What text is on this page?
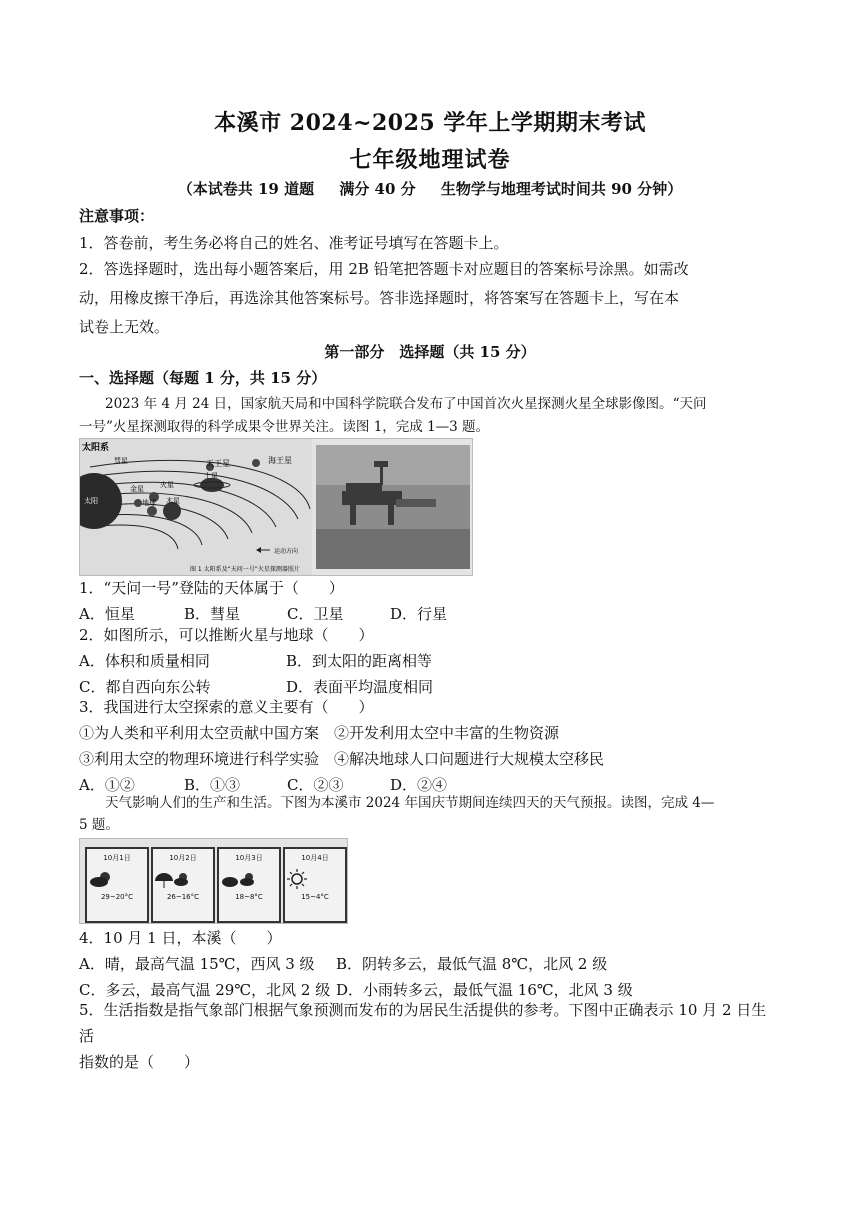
本溪市 2024~2025 学年上学期期末考试
七年级地理试卷
（本试卷共 19 道题 满分 40 分 生物学与地理考试时间共 90 分钟）
注意事项：
1．答卷前，考生务必将自己的姓名、准考证号填写在答题卡上。
2．答选择题时，选出每小题答案后，用 2B 铅笔把答题卡对应题目的答案标号涂黑。如需改
动，用橡皮擦干净后，再选涂其他答案标号。答非选择题时，将答案写在答题卡上，写在本
试卷上无效。
第一部分　选择题（共 15 分）
一、选择题（每题 1 分，共 15 分）
2023 年 4 月 24 日，国家航天局和中国科学院联合发布了中国首次火星探测火星全球影像图。“天问
一号”火星探测取得的科学成果令世界关注。读图 1，完成 1—3 题。
太阳系
彗星	天王星	海王星
土星
火星
金星
地球 木星
太阳
运动方向
图 1 太阳系及“天问一号”火星探测器照片
1．“天问一号”登陆的天体属于（　　）
A．恒星	B．彗星	C．卫星	D．行星
2．如图所示，可以推断火星与地球（　　）
A．体积和质量相同	B．到太阳的距离相等
C．都自西向东公转	D．表面平均温度相同
3．我国进行太空探索的意义主要有（　　）
①为人类和平利用太空贡献中国方案　②开发利用太空中丰富的生物资源
③利用太空的物理环境进行科学实验　④解决地球人口问题进行大规模太空移民
A．①②	B．①③	C．②③	D．②④
天气影响人们的生产和生活。下图为本溪市 2024 年国庆节期间连续四天的天气预报。读图，完成 4—
5 题。
10月1日
29~20°C
10月2日
26~16°C
10月3日
18~8°C
10月4日
15~4°C
4．10 月 1 日，本溪（　　）
A．晴，最高气温 15℃，西风 3 级	B．阴转多云，最低气温 8℃，北风 2 级
C．多云，最高气温 29℃，北风 2 级 D．小雨转多云，最低气温 16℃，北风 3 级
5．生活指数是指气象部门根据气象预测而发布的为居民生活提供的参考。下图中正确表示 10 月 2 日生活
指数的是（　　）
